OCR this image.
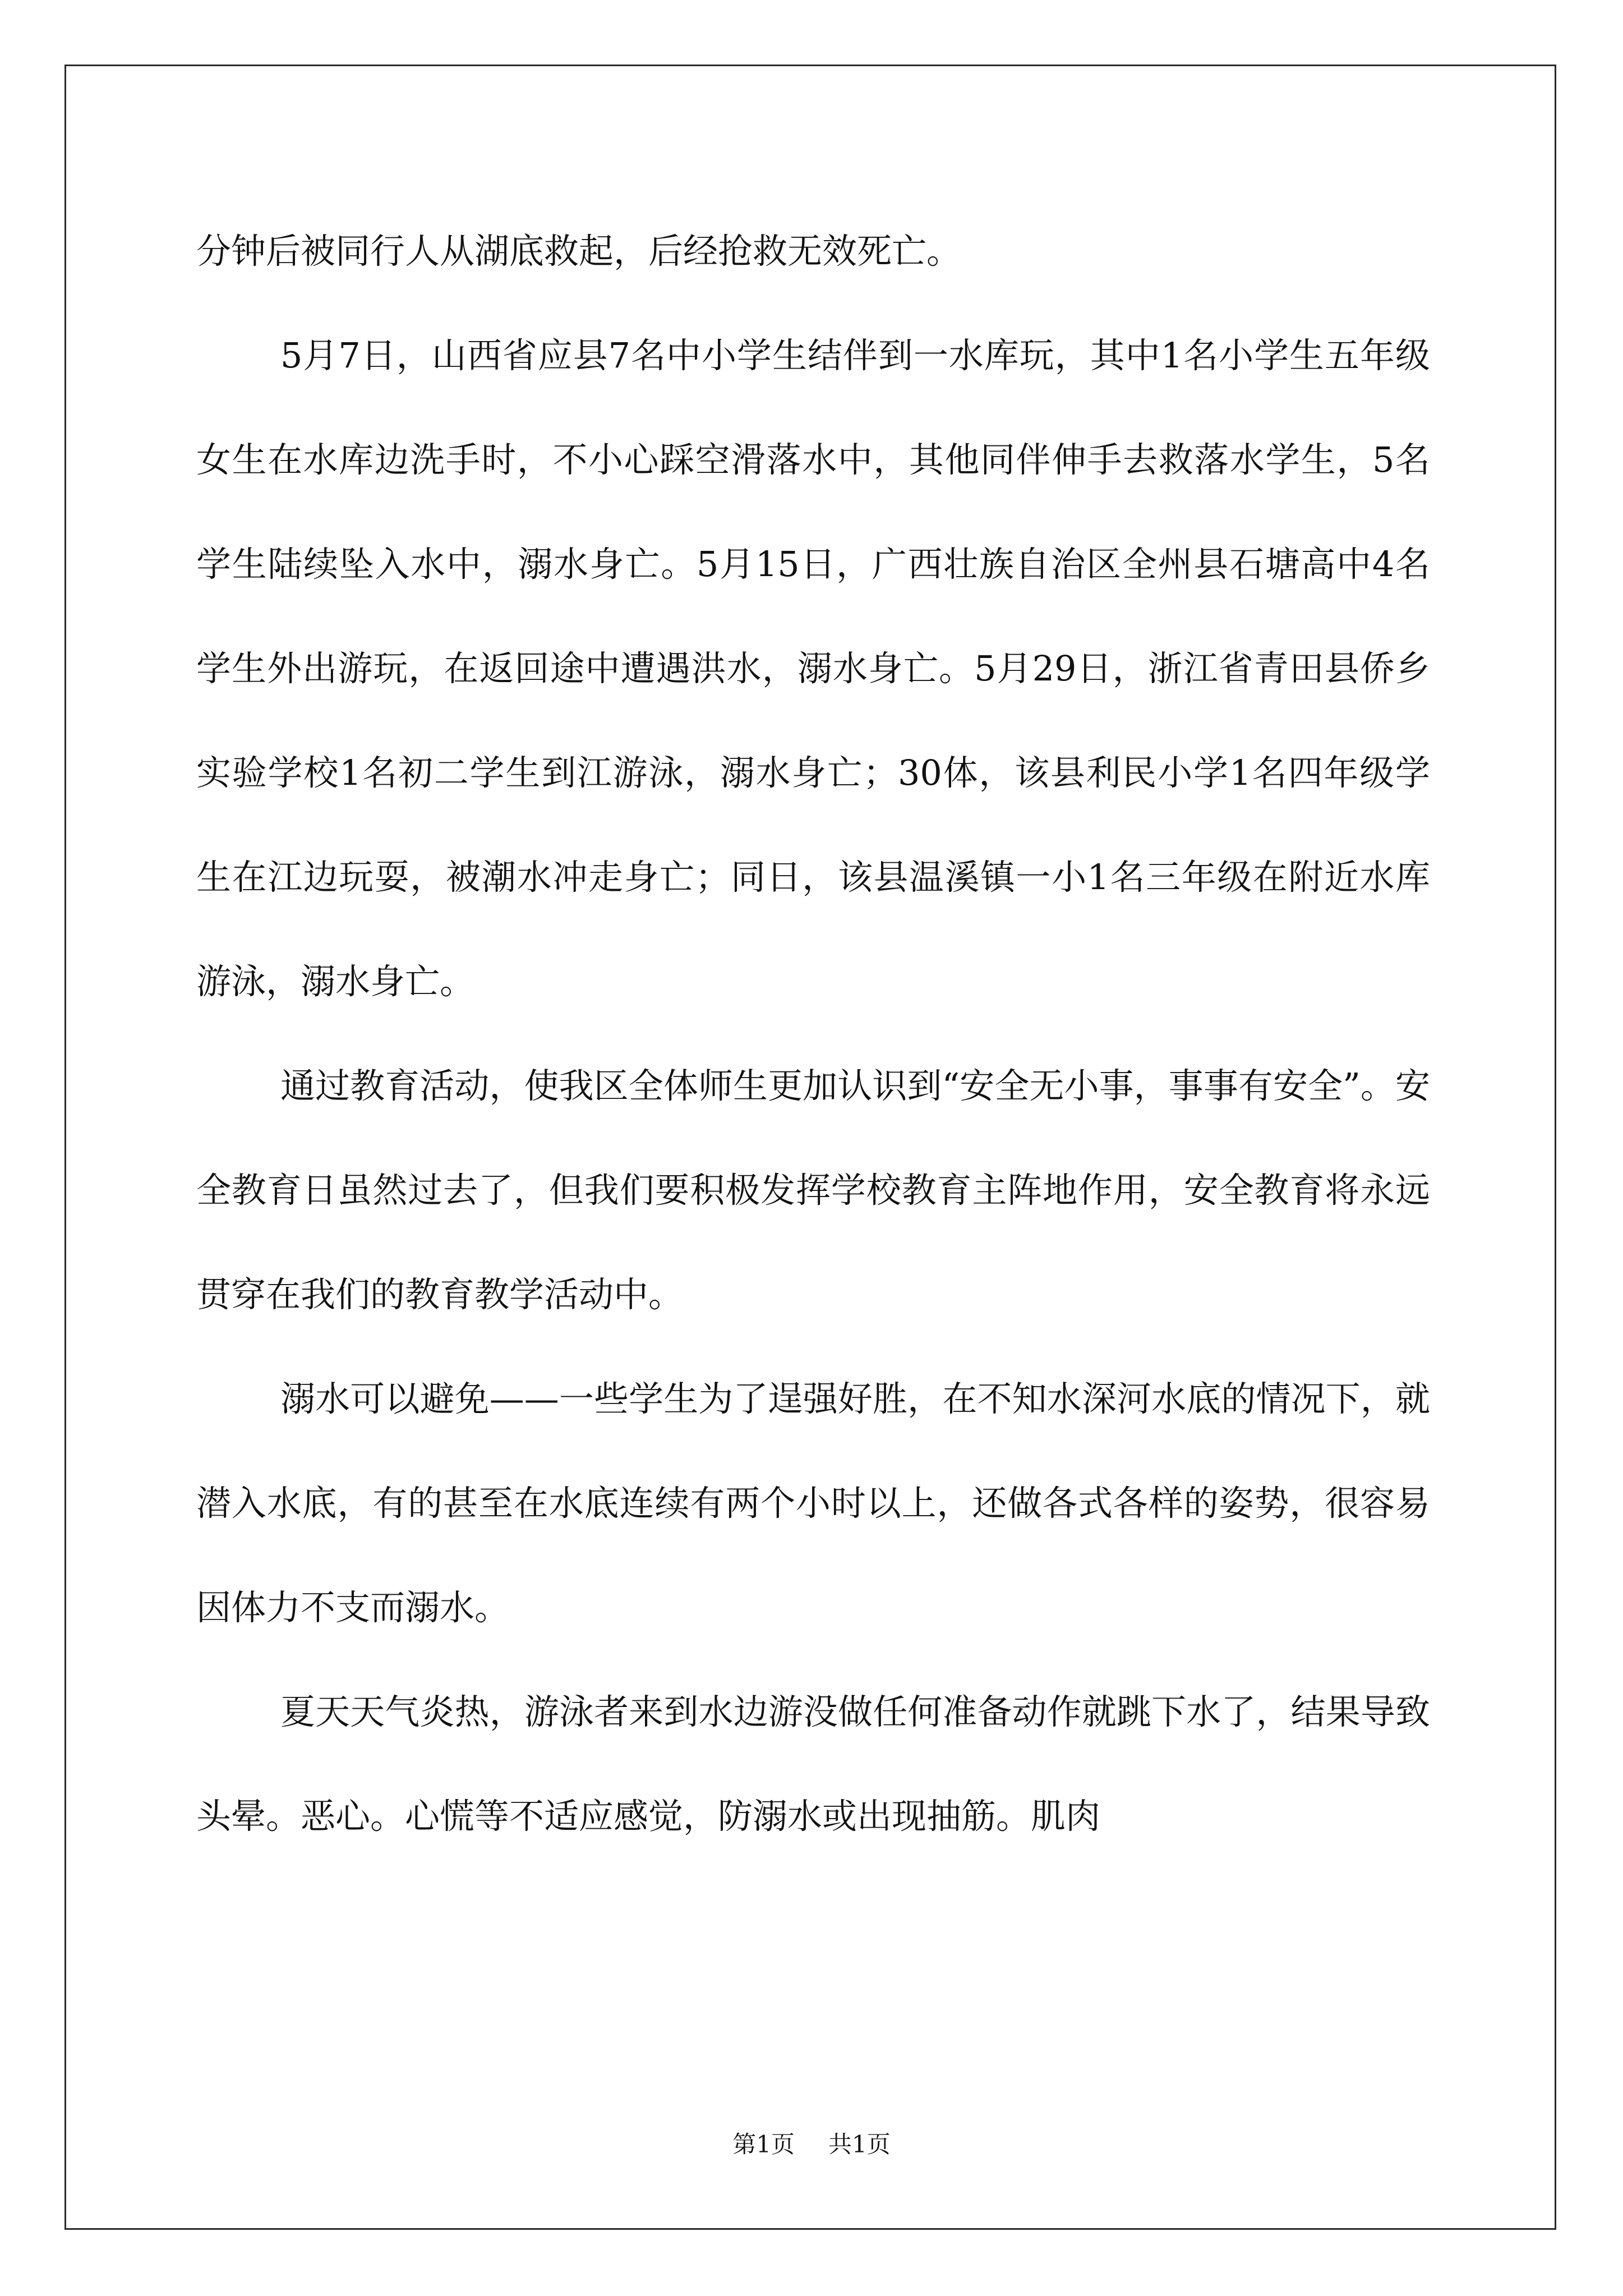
分钟后被同行人从湖底救起，后经抢救无效死亡。

5月7日，山西省应县7名中小学生结伴到一水库玩，其中1名小学生五年级女生在水库边洗手时，不小心踩空滑落水中，其他同伴伸手去救落水学生，5名学生陆续坠入水中，溺水身亡。5月15日，广西壮族自治区全州县石塘高中4名学生外出游玩，在返回途中遭遇洪水，溺水身亡。5月29日，浙江省青田县侨乡实验学校1名初二学生到江游泳，溺水身亡；30体，该县利民小学1名四年级学生在江边玩耍，被潮水冲走身亡；同日，该县温溪镇一小1名三年级在附近水库游泳，溺水身亡。

通过教育活动，使我区全体师生更加认识到“安全无小事，事事有安全”。安全教育日虽然过去了，但我们要积极发挥学校教育主阵地作用，安全教育将永远贯穿在我们的教育教学活动中。

溺水可以避免——一些学生为了逞强好胜，在不知水深河水底的情况下，就潜入水底，有的甚至在水底连续有两个小时以上，还做各式各样的姿势，很容易因体力不支而溺水。

夏天天气炎热，游泳者来到水边游没做任何准备动作就跳下水了，结果导致头晕。恶心。心慌等不适应感觉，防溺水或出现抽筋。肌肉

第1页 共1页
